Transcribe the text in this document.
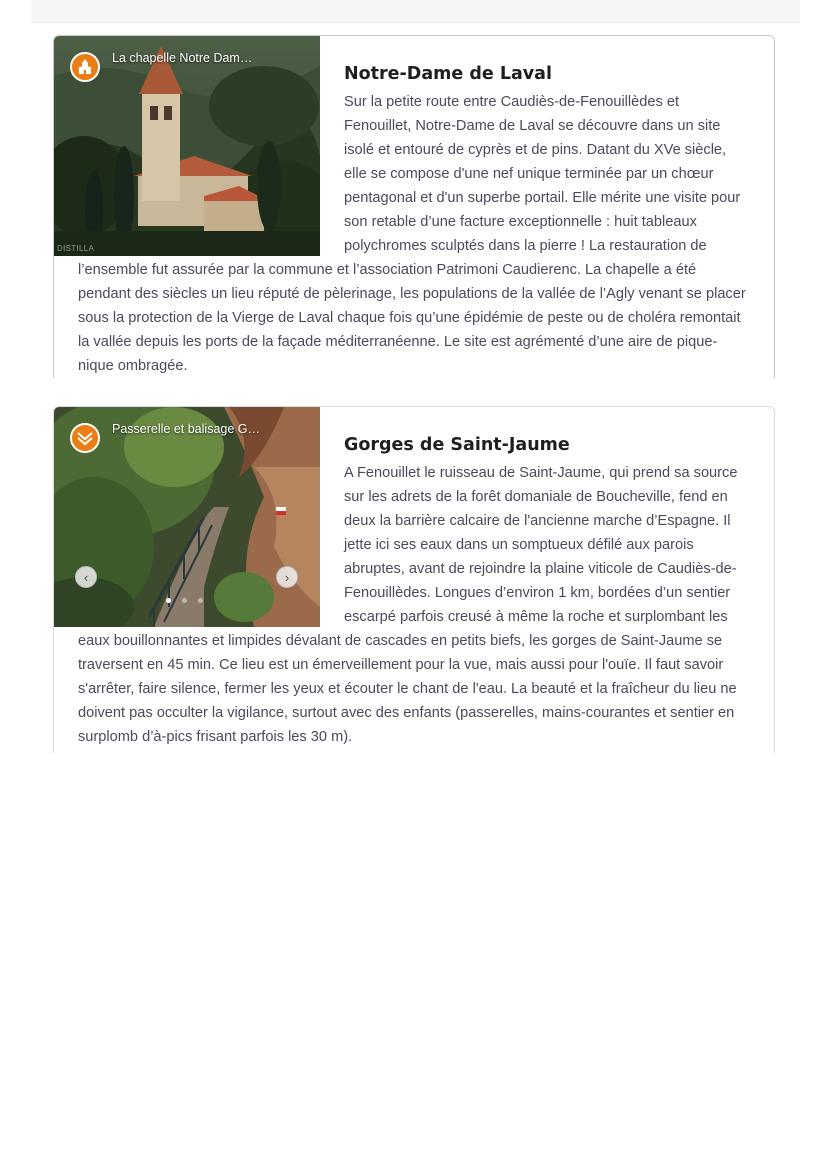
La chapelle Notre Dam…
DISTILLA
Notre-Dame de Laval

Sur la petite route entre Caudiès-de-Fenouillèdes et Fenouillet, Notre-Dame de Laval se découvre dans un site isolé et entouré de cyprès et de pins. Datant du XVe siècle, elle se compose d'une nef unique terminée par un chœur pentagonal et d'un superbe portail. Elle mérite une visite pour son retable d’une facture exceptionnelle : huit tableaux polychromes sculptés dans la pierre ! La restauration de l’ensemble fut assurée par la commune et l’association Patrimoni Caudierenc. La chapelle a été pendant des siècles un lieu réputé de pèlerinage, les populations de la vallée de l’Agly venant se placer sous la protection de la Vierge de Laval chaque fois qu’une épidémie de peste ou de choléra remontait la vallée depuis les ports de la façade méditerranéenne. Le site est agrémenté d’une aire de pique-nique ombragée.

Passerelle et balisage G…
‹	›
Gorges de Saint-Jaume

A Fenouillet le ruisseau de Saint-Jaume, qui prend sa source sur les adrets de la forêt domaniale de Boucheville, fend en deux la barrière calcaire de l'ancienne marche d’Espagne. Il jette ici ses eaux dans un somptueux défilé aux parois abruptes, avant de rejoindre la plaine viticole de Caudiès-de-Fenouillèdes. Longues d’environ 1 km, bordées d’un sentier escarpé parfois creusé à même la roche et surplombant les eaux bouillonnantes et limpides dévalant de cascades en petits biefs, les gorges de Saint-Jaume se traversent en 45 min. Ce lieu est un émerveillement pour la vue, mais aussi pour l'ouïe. Il faut savoir s'arrêter, faire silence, fermer les yeux et écouter le chant de l'eau. La beauté et la fraîcheur du lieu ne doivent pas occulter la vigilance, surtout avec des enfants (passerelles, mains-courantes et sentier en surplomb d’à-pics frisant parfois les 30 m).
